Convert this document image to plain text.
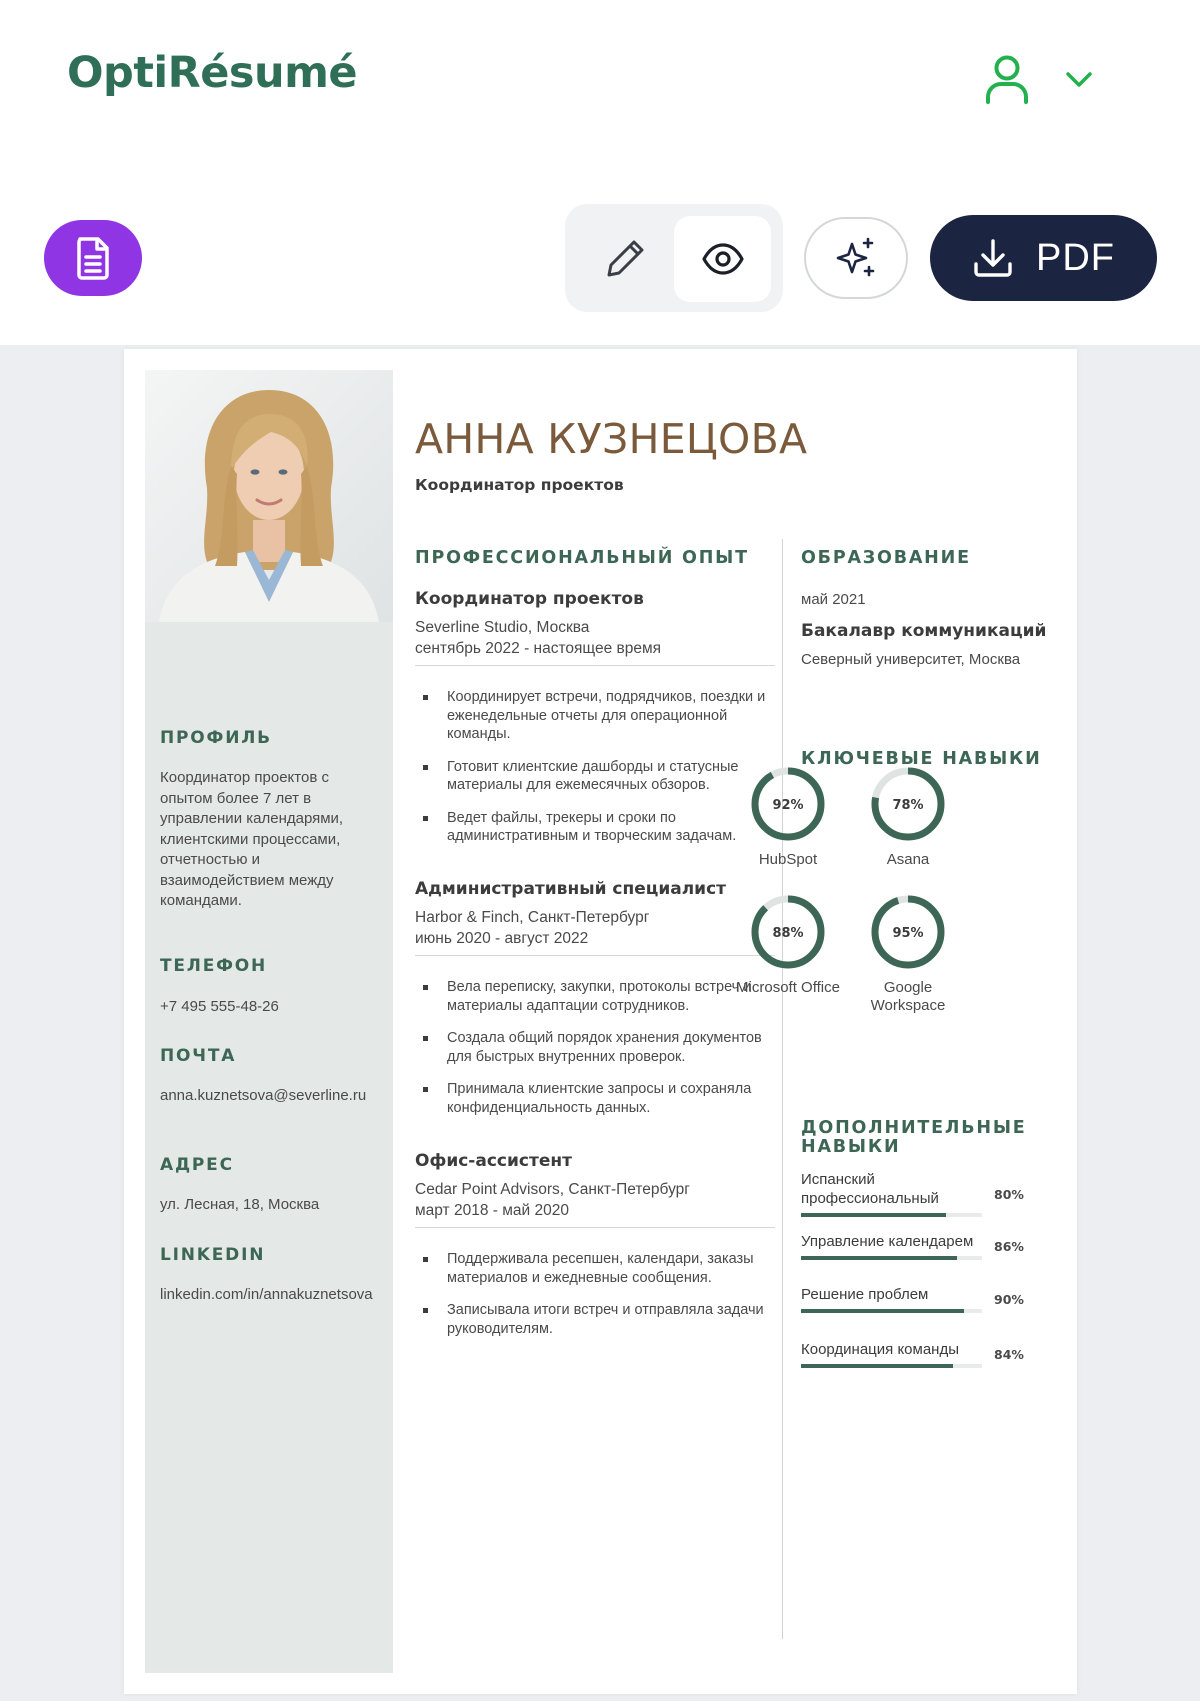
OptiRésumé
PDF
ПРОФИЛЬ
Координатор проектов с опытом более 7 лет в управлении календарями, клиентскими процессами, отчетностью и взаимодействием между командами.
ТЕЛЕФОН
+7 495 555-48-26
ПОЧТА
anna.kuznetsova@severline.ru
АДРЕС
ул. Лесная, 18, Москва
LINKEDIN
linkedin.com/in/annakuznetsova
АННА КУЗНЕЦОВА
Координатор проектов
ПРОФЕССИОНАЛЬНЫЙ ОПЫТ
Координатор проектов
Severline Studio, Москва
сентябрь 2022 - настоящее время
Координирует встречи, подрядчиков, поездки и еженедельные отчеты для операционной команды.
Готовит клиентские дашборды и статусные материалы для ежемесячных обзоров.
Ведет файлы, трекеры и сроки по административным и творческим задачам.
Административный специалист
Harbor & Finch, Санкт-Петербург
июнь 2020 - август 2022
Вела переписку, закупки, протоколы встреч и материалы адаптации сотрудников.
Создала общий порядок хранения документов для быстрых внутренних проверок.
Принимала клиентские запросы и сохраняла конфиденциальность данных.
Офис-ассистент
Cedar Point Advisors, Санкт-Петербург
март 2018 - май 2020
Поддерживала ресепшен, календари, заказы материалов и ежедневные сообщения.
Записывала итоги встреч и отправляла задачи руководителям.
ОБРАЗОВАНИЕ
май 2021
Бакалавр коммуникаций
Северный университет, Москва
КЛЮЧЕВЫЕ НАВЫКИ
92%
HubSpot
78%
Asana
88%
Microsoft Office
95%
Google Workspace
ДОПОЛНИТЕЛЬНЫЕ НАВЫКИ
Испанский профессиональный	80%
Управление календарем	86%
Решение проблем	90%
Координация команды	84%
